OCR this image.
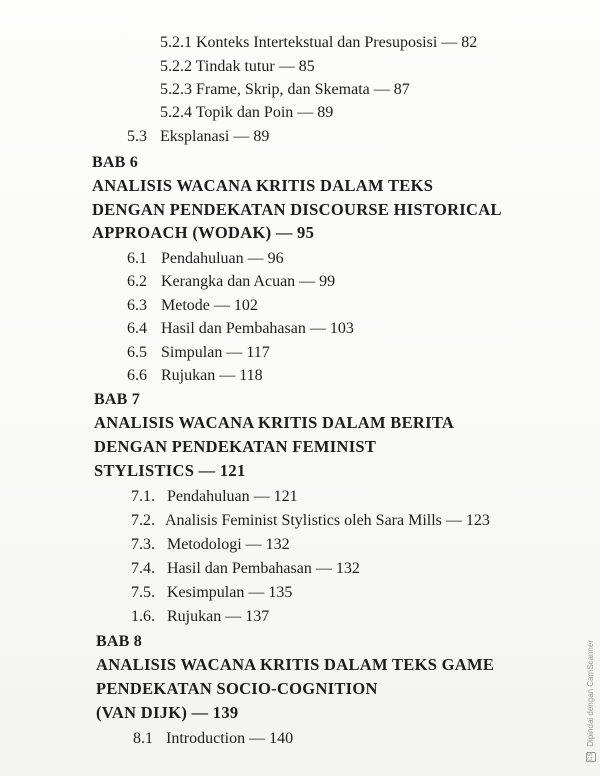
5.2.1 Konteks Intertekstual dan Presuposisi — 82
5.2.2 Tindak tutur — 85
5.2.3 Frame, Skrip, dan Skemata — 87
5.2.4 Topik dan Poin — 89
5.3 Eksplanasi — 89
BAB 6
ANALISIS WACANA KRITIS DALAM TEKS
DENGAN PENDEKATAN DISCOURSE HISTORICAL
APPROACH (WODAK) — 95
6.1 Pendahuluan — 96
6.2 Kerangka dan Acuan — 99
6.3 Metode — 102
6.4 Hasil dan Pembahasan — 103
6.5 Simpulan — 117
6.6 Rujukan — 118
BAB 7
ANALISIS WACANA KRITIS DALAM BERITA
DENGAN PENDEKATAN FEMINIST
STYLISTICS — 121
7.1. Pendahuluan — 121
7.2. Analisis Feminist Stylistics oleh Sara Mills — 123
7.3. Metodologi — 132
7.4. Hasil dan Pembahasan — 132
7.5. Kesimpulan — 135
1.6. Rujukan — 137
BAB 8
ANALISIS WACANA KRITIS DALAM TEKS GAME
PENDEKATAN SOCIO-COGNITION
(VAN DIJK) — 139
8.1 Introduction — 140
CS Dipindai dengan CamScanner
